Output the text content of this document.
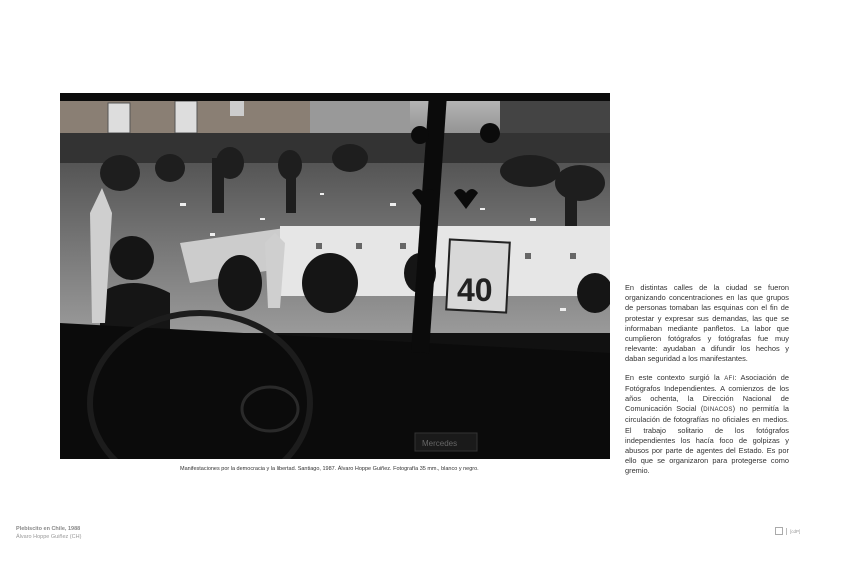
40
Mercedes
Manifestaciones por la democracia y la libertad. Santiago, 1987. Álvaro Hoppe Guiñez. Fotografía 35 mm., blanco y negro.

En distintas calles de la ciudad se fueron organizando concentraciones en las que grupos de personas tomaban las esquinas con el fin de protestar y expresar sus demandas, las que se informaban mediante panfletos. La labor que cumplieron fotógrafos y fotógrafas fue muy relevante: ayudaban a difundir los hechos y daban seguridad a los manifestantes.

En este contexto surgió la AFI: Asociación de Fotógrafos Independientes. A comienzos de los años ochenta, la Dirección Nacional de Comunicación Social (DINACOS) no permitía la circulación de fotografías no oficiales en medios. El trabajo solitario de los fotógrafos independientes los hacía foco de golpizas y abusos por parte de agentes del Estado. Es por ello que se organizaron para protegerse como gremio.

Plebiscito en Chile, 1988
Álvaro Hoppe Guiñez (CH)
[cdP]
